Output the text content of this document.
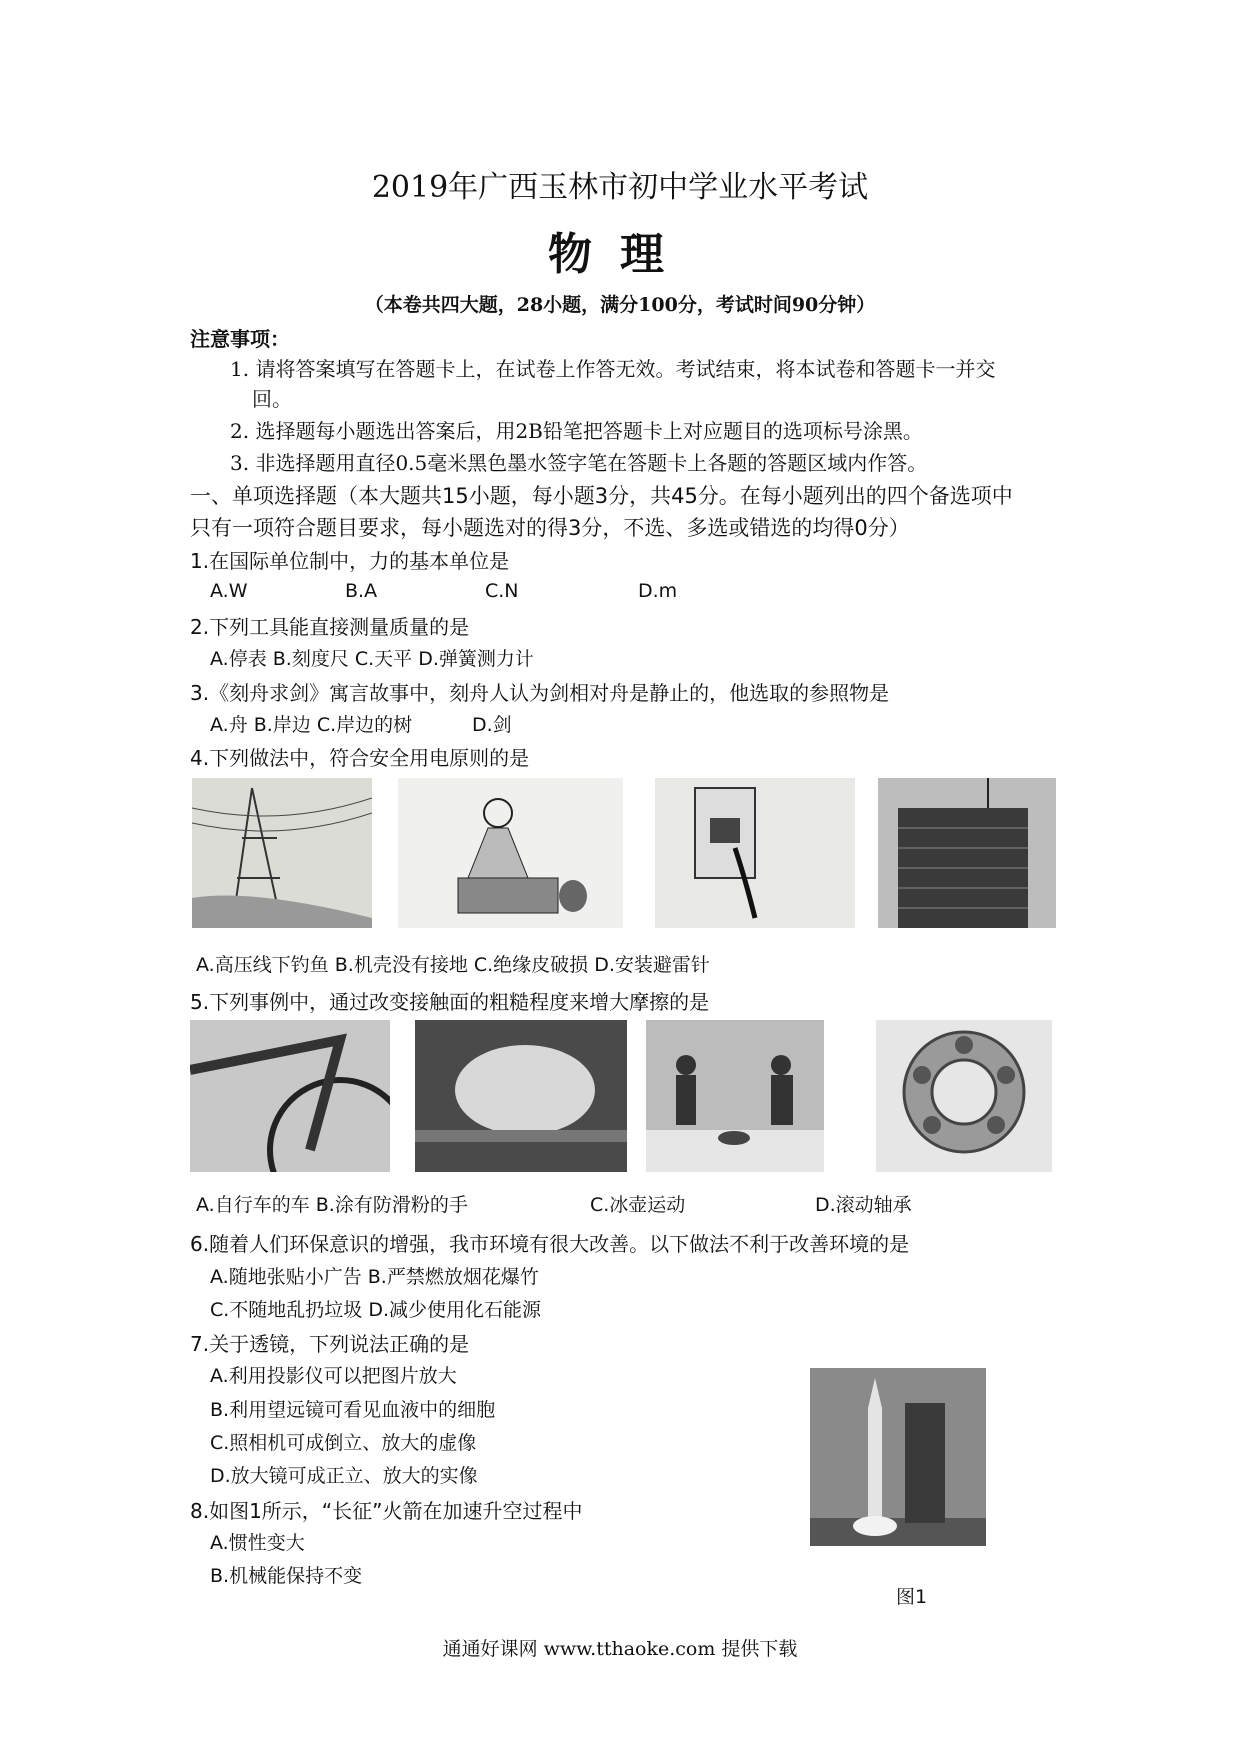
2019年广西玉林市初中学业水平考试
物理
（本卷共四大题，28小题，满分100分，考试时间90分钟）
注意事项：
1. 请将答案填写在答题卡上，在试卷上作答无效。考试结束，将本试卷和答题卡一并交
回。
2. 选择题每小题选出答案后，用2B铅笔把答题卡上对应题目的选项标号涂黑。
3. 非选择题用直径0.5毫米黑色墨水签字笔在答题卡上各题的答题区域内作答。
一、单项选择题（本大题共15小题，每小题3分，共45分。在每小题列出的四个备选项中
只有一项符合题目要求，每小题选对的得3分，不选、多选或错选的均得0分）
1.在国际单位制中，力的基本单位是
A.W	B.A	C.N	D.m
2.下列工具能直接测量质量的是
A.停表 B.刻度尺 C.天平 D.弹簧测力计
3.《刻舟求剑》寓言故事中，刻舟人认为剑相对舟是静止的，他选取的参照物是
A.舟 B.岸边 C.岸边的树	D.剑
4.下列做法中，符合安全用电原则的是
A.高压线下钓鱼 B.机壳没有接地 C.绝缘皮破损 D.安装避雷针
5.下列事例中，通过改变接触面的粗糙程度来增大摩擦的是
A.自行车的车 B.涂有防滑粉的手	C.冰壶运动	D.滚动轴承
6.随着人们环保意识的增强，我市环境有很大改善。以下做法不利于改善环境的是
A.随地张贴小广告 B.严禁燃放烟花爆竹
C.不随地乱扔垃圾 D.减少使用化石能源
7.关于透镜，下列说法正确的是
A.利用投影仪可以把图片放大
B.利用望远镜可看见血液中的细胞
C.照相机可成倒立、放大的虚像
D.放大镜可成正立、放大的实像
8.如图1所示，“长征”火箭在加速升空过程中
A.惯性变大
B.机械能保持不变
图1
通通好课网 www.tthaoke.com 提供下载
